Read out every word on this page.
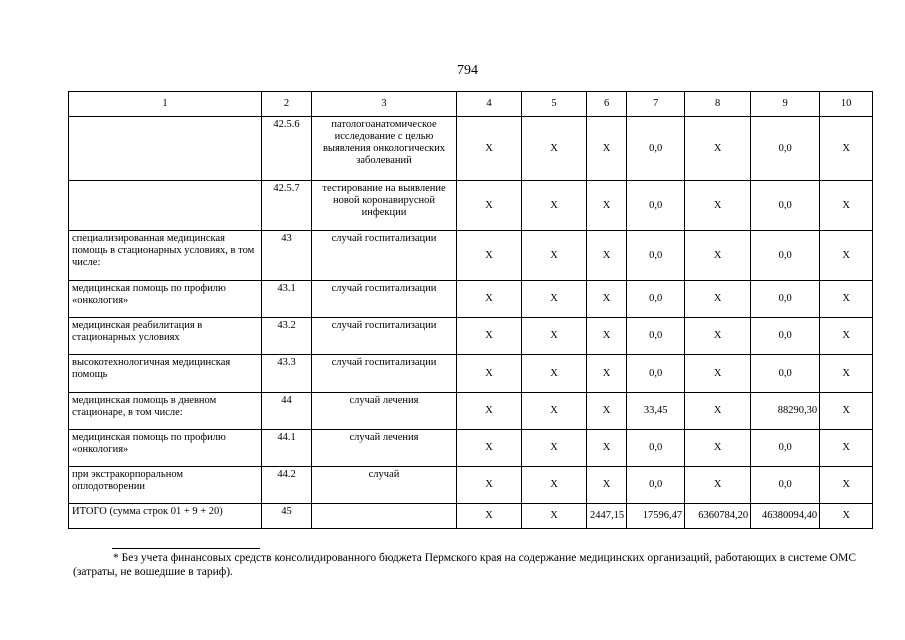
794
1	2	3	4	5	6	7	8	9	10
	42.5.6	патологоанатомическое исследование с целью выявления онкологических заболеваний	X	X	X	0,0	X	0,0	X
	42.5.7	тестирование на выявление новой коронавирусной инфекции	X	X	X	0,0	X	0,0	X
специализированная медицинская помощь в стационарных условиях, в том числе:	43	случай госпитализации	X	X	X	0,0	X	0,0	X
медицинская помощь по профилю «онкология»	43.1	случай госпитализации	X	X	X	0,0	X	0,0	X
медицинская реабилитация в стационарных условиях	43.2	случай госпитализации	X	X	X	0,0	X	0,0	X
высокотехнологичная медицинская помощь	43.3	случай госпитализации	X	X	X	0,0	X	0,0	X
медицинская помощь в дневном стационаре, в том числе:	44	случай лечения	X	X	X	33,45	X	88290,30	X
медицинская помощь по профилю «онкология»	44.1	случай лечения	X	X	X	0,0	X	0,0	X
при экстракорпоральном оплодотворении	44.2	случай	X	X	X	0,0	X	0,0	X
ИТОГО (сумма строк 01 + 9 + 20)	45		X	X	2447,15	17596,47	6360784,20	46380094,40	X
* Без учета финансовых средств консолидированного бюджета Пермского края на содержание медицинских организаций, работающих в системе ОМС (затраты, не вошедшие в тариф).
